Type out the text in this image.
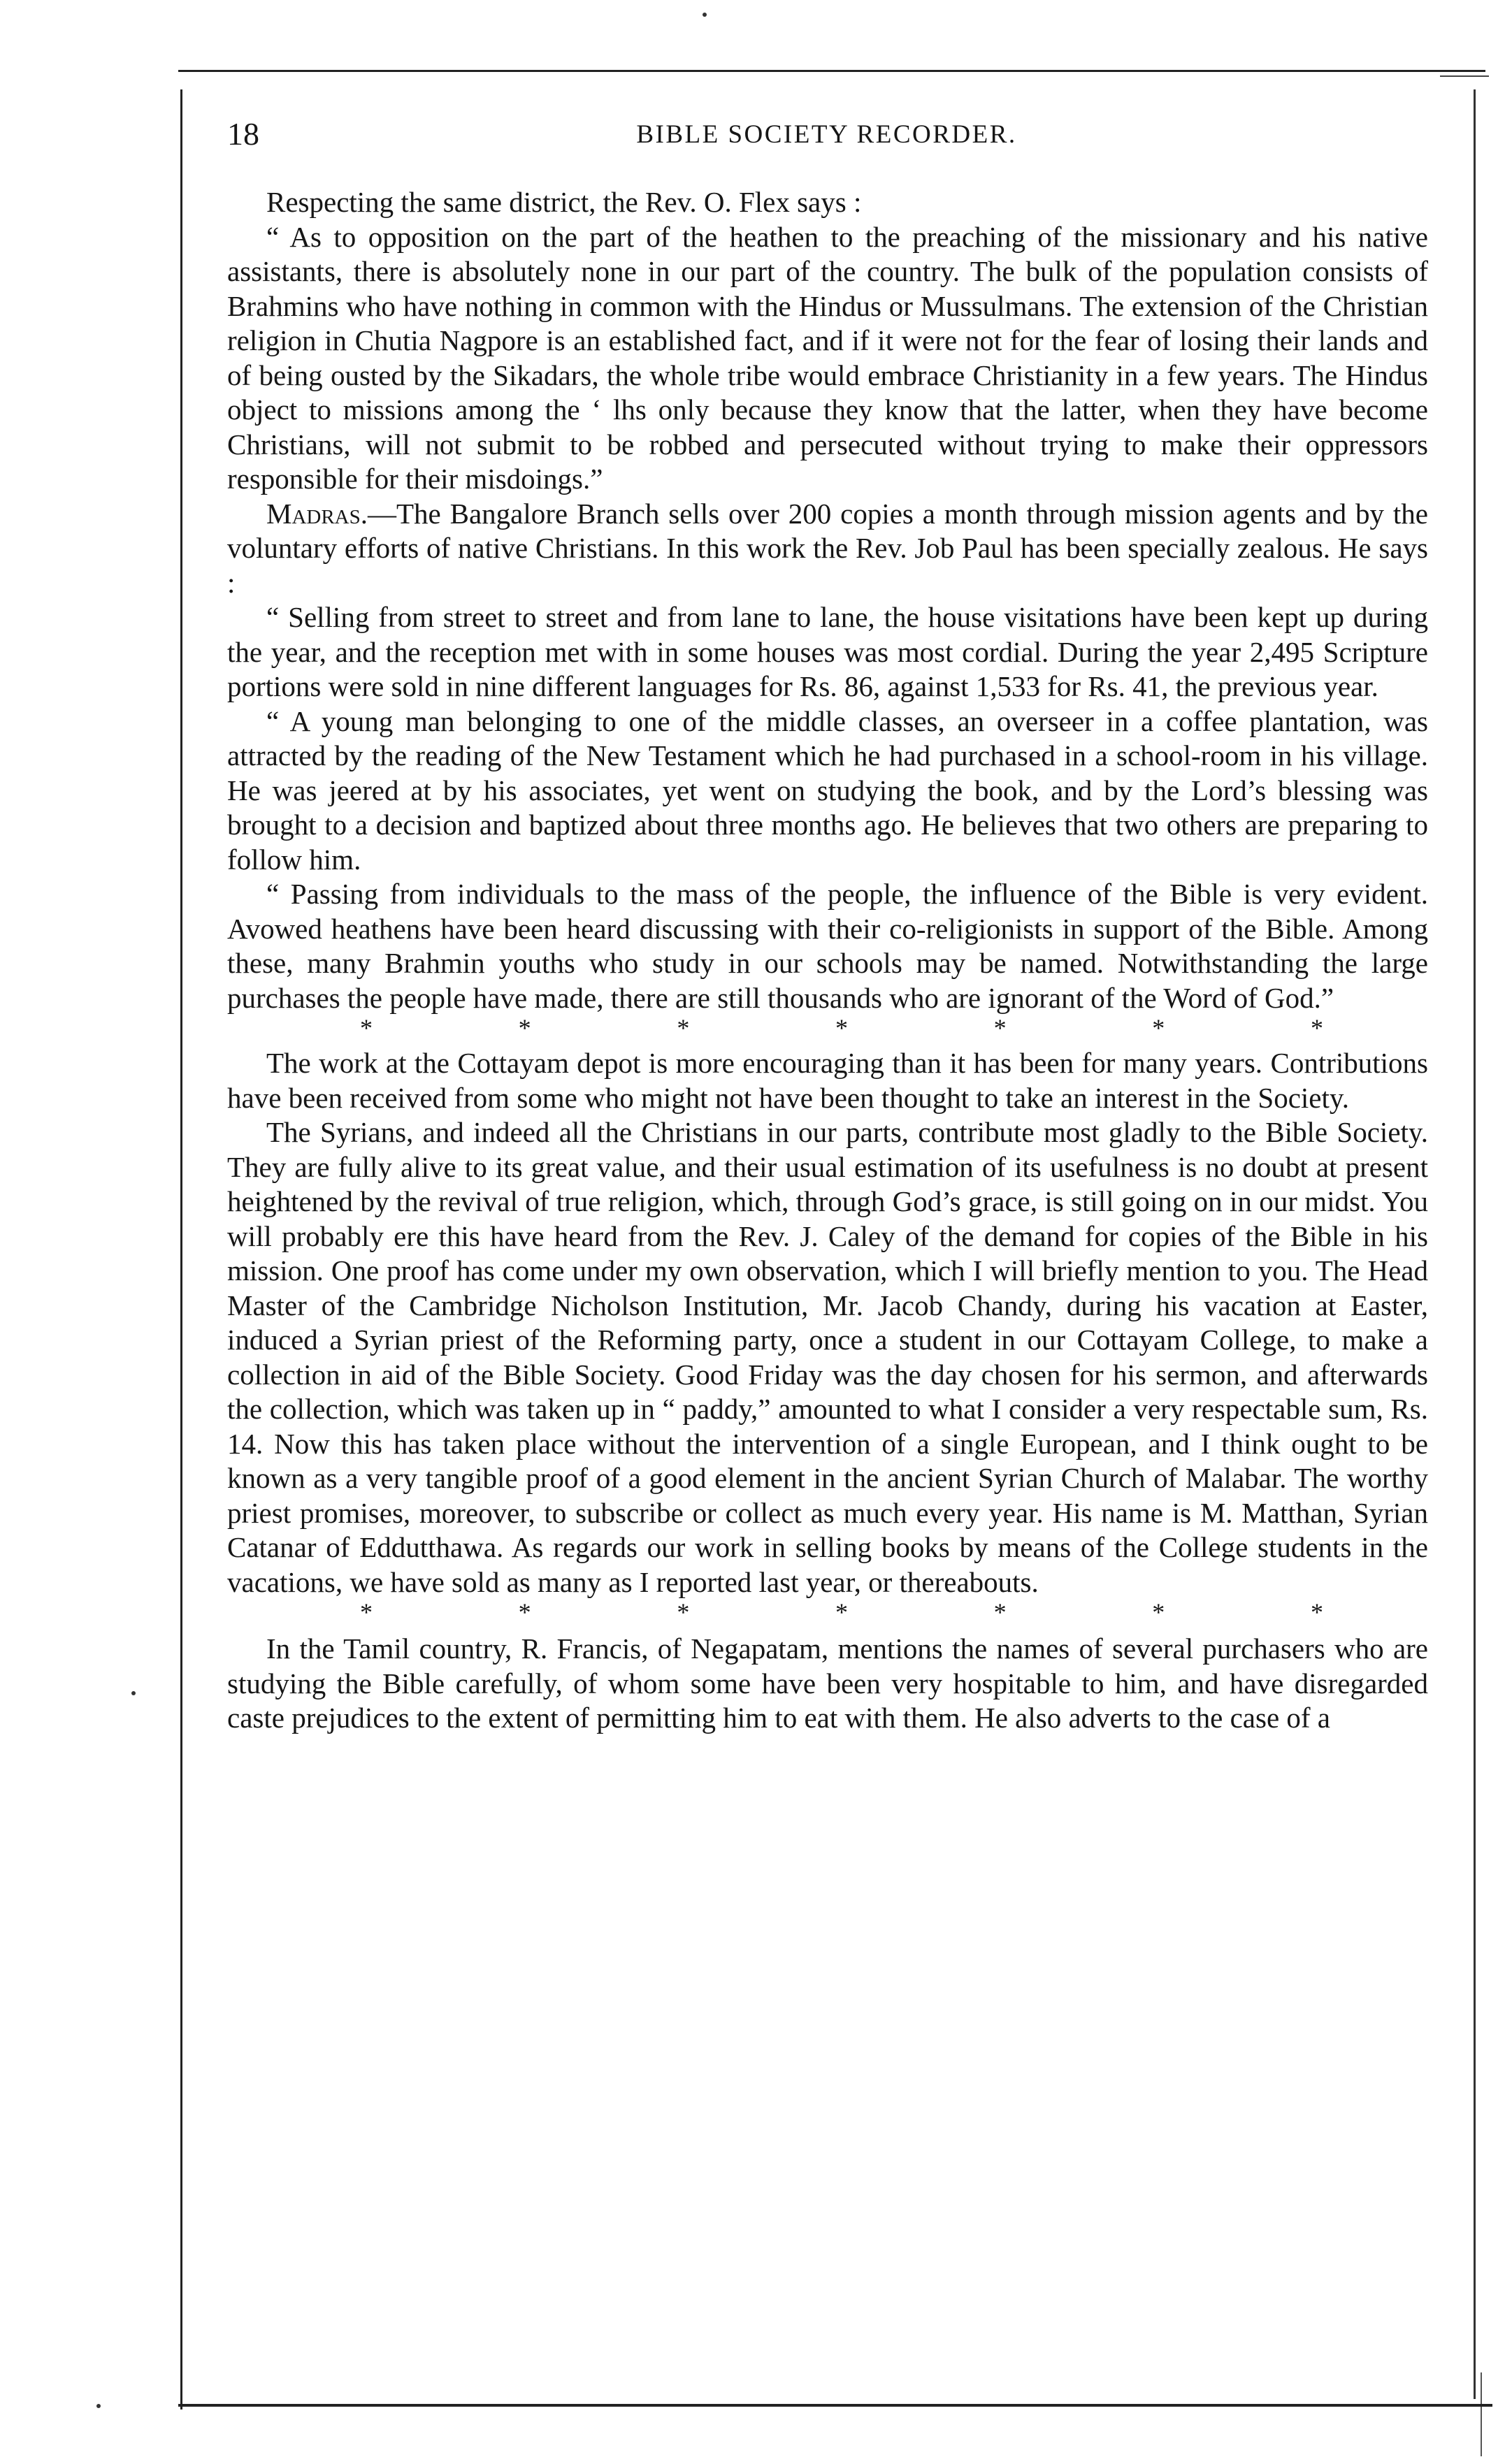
18	BIBLE SOCIETY RECORDER.

Respecting the same district, the Rev. O. Flex says :

“ As to opposition on the part of the heathen to the preaching of the missionary and his native assistants, there is absolutely none in our part of the country. The bulk of the population consists of Brahmins who have nothing in common with the Hindus or Mussulmans. The extension of the Christian religion in Chutia Nagpore is an established fact, and if it were not for the fear of losing their lands and of being ousted by the Sikadars, the whole tribe would embrace Christianity in a few years. The Hindus object to missions among the ‘ lhs only because they know that the latter, when they have become Christians, will not submit to be robbed and persecuted without trying to make their oppressors responsible for their misdoings.”

Madras.—The Bangalore Branch sells over 200 copies a month through mission agents and by the voluntary efforts of native Christians. In this work the Rev. Job Paul has been specially zealous. He says :

“ Selling from street to street and from lane to lane, the house visitations have been kept up during the year, and the reception met with in some houses was most cordial. During the year 2,495 Scripture portions were sold in nine different languages for Rs. 86, against 1,533 for Rs. 41, the previous year.

“ A young man belonging to one of the middle classes, an overseer in a coffee plantation, was attracted by the reading of the New Testament which he had purchased in a school-room in his village. He was jeered at by his associates, yet went on studying the book, and by the Lord’s blessing was brought to a decision and baptized about three months ago. He believes that two others are preparing to follow him.

“ Passing from individuals to the mass of the people, the influence of the Bible is very evident. Avowed heathens have been heard discussing with their co-religionists in support of the Bible. Among these, many Brahmin youths who study in our schools may be named. Notwithstanding the large purchases the people have made, there are still thousands who are ignorant of the Word of God.”

*	*	*	*	*	*	*

The work at the Cottayam depot is more encouraging than it has been for many years. Contributions have been received from some who might not have been thought to take an interest in the Society.

The Syrians, and indeed all the Christians in our parts, contribute most gladly to the Bible Society. They are fully alive to its great value, and their usual estimation of its usefulness is no doubt at present heightened by the revival of true religion, which, through God’s grace, is still going on in our midst. You will probably ere this have heard from the Rev. J. Caley of the demand for copies of the Bible in his mission. One proof has come under my own observation, which I will briefly mention to you. The Head Master of the Cambridge Nicholson Institution, Mr. Jacob Chandy, during his vacation at Easter, induced a Syrian priest of the Reforming party, once a student in our Cottayam College, to make a collection in aid of the Bible Society. Good Friday was the day chosen for his sermon, and afterwards the collection, which was taken up in “ paddy,” amounted to what I consider a very respectable sum, Rs. 14. Now this has taken place without the intervention of a single European, and I think ought to be known as a very tangible proof of a good element in the ancient Syrian Church of Malabar. The worthy priest promises, moreover, to subscribe or collect as much every year. His name is M. Matthan, Syrian Catanar of Eddutthawa. As regards our work in selling books by means of the College students in the vacations, we have sold as many as I reported last year, or thereabouts.

*	*	*	*	*	*	*

In the Tamil country, R. Francis, of Negapatam, mentions the names of several purchasers who are studying the Bible carefully, of whom some have been very hospitable to him, and have disregarded caste prejudices to the extent of permitting him to eat with them. He also adverts to the case of a
